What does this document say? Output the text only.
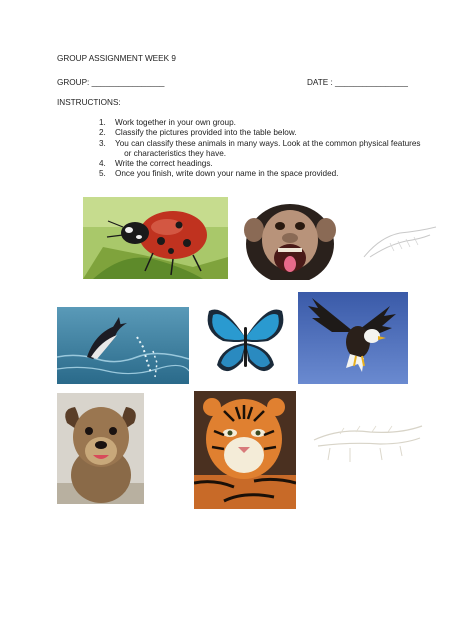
GROUP ASSIGNMENT WEEK 9
GROUP: ________________	DATE : ________________
INSTRUCTIONS:
1. Work together in your own group.
2. Classify the pictures provided into the table below.
3. You can classify these animals in many ways. Look at the common physical features
or characteristics they have.
4. Write the correct headings.
5. Once you finish, write down your name in the space provided.
